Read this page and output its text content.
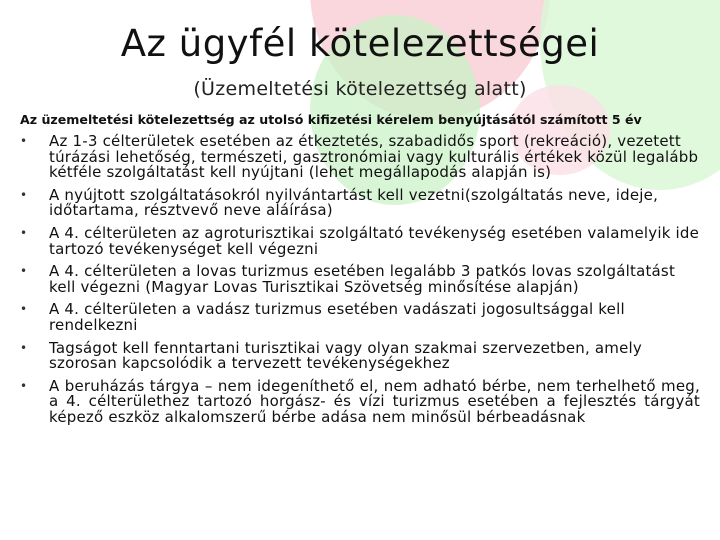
Az ügyfél kötelezettségei
(Üzemeltetési kötelezettség alatt)
Az üzemeltetési kötelezettség az utolsó kifizetési kérelem benyújtásától számított 5 év
• Az 1-3 célterületek esetében az étkeztetés, szabadidős sport (rekreáció), vezetett túrázási lehetőség, természeti, gasztronómiai vagy kulturális értékek közül legalább kétféle szolgáltatást kell nyújtani (lehet megállapodás alapján is)
• A nyújtott szolgáltatásokról nyilvántartást kell vezetni(szolgáltatás neve, ideje, időtartama, résztvevő neve aláírása)
• A 4. célterületen az agroturisztikai szolgáltató tevékenység esetében valamelyik ide tartozó tevékenységet kell végezni
• A 4. célterületen a lovas turizmus esetében legalább 3 patkós lovas szolgáltatást kell végezni (Magyar Lovas Turisztikai Szövetség minősítése alapján)
• A 4. célterületen a vadász turizmus esetében vadászati jogosultsággal kell rendelkezni
• Tagságot kell fenntartani turisztikai vagy olyan szakmai szervezetben, amely szorosan kapcsolódik a tervezett tevékenységekhez
• A beruházás tárgya – nem idegeníthető el, nem adható bérbe, nem terhelhető meg, a 4. célterülethez tartozó horgász- és vízi turizmus esetében a fejlesztés tárgyát képező eszköz alkalomszerű bérbe adása nem minősül bérbeadásnak
